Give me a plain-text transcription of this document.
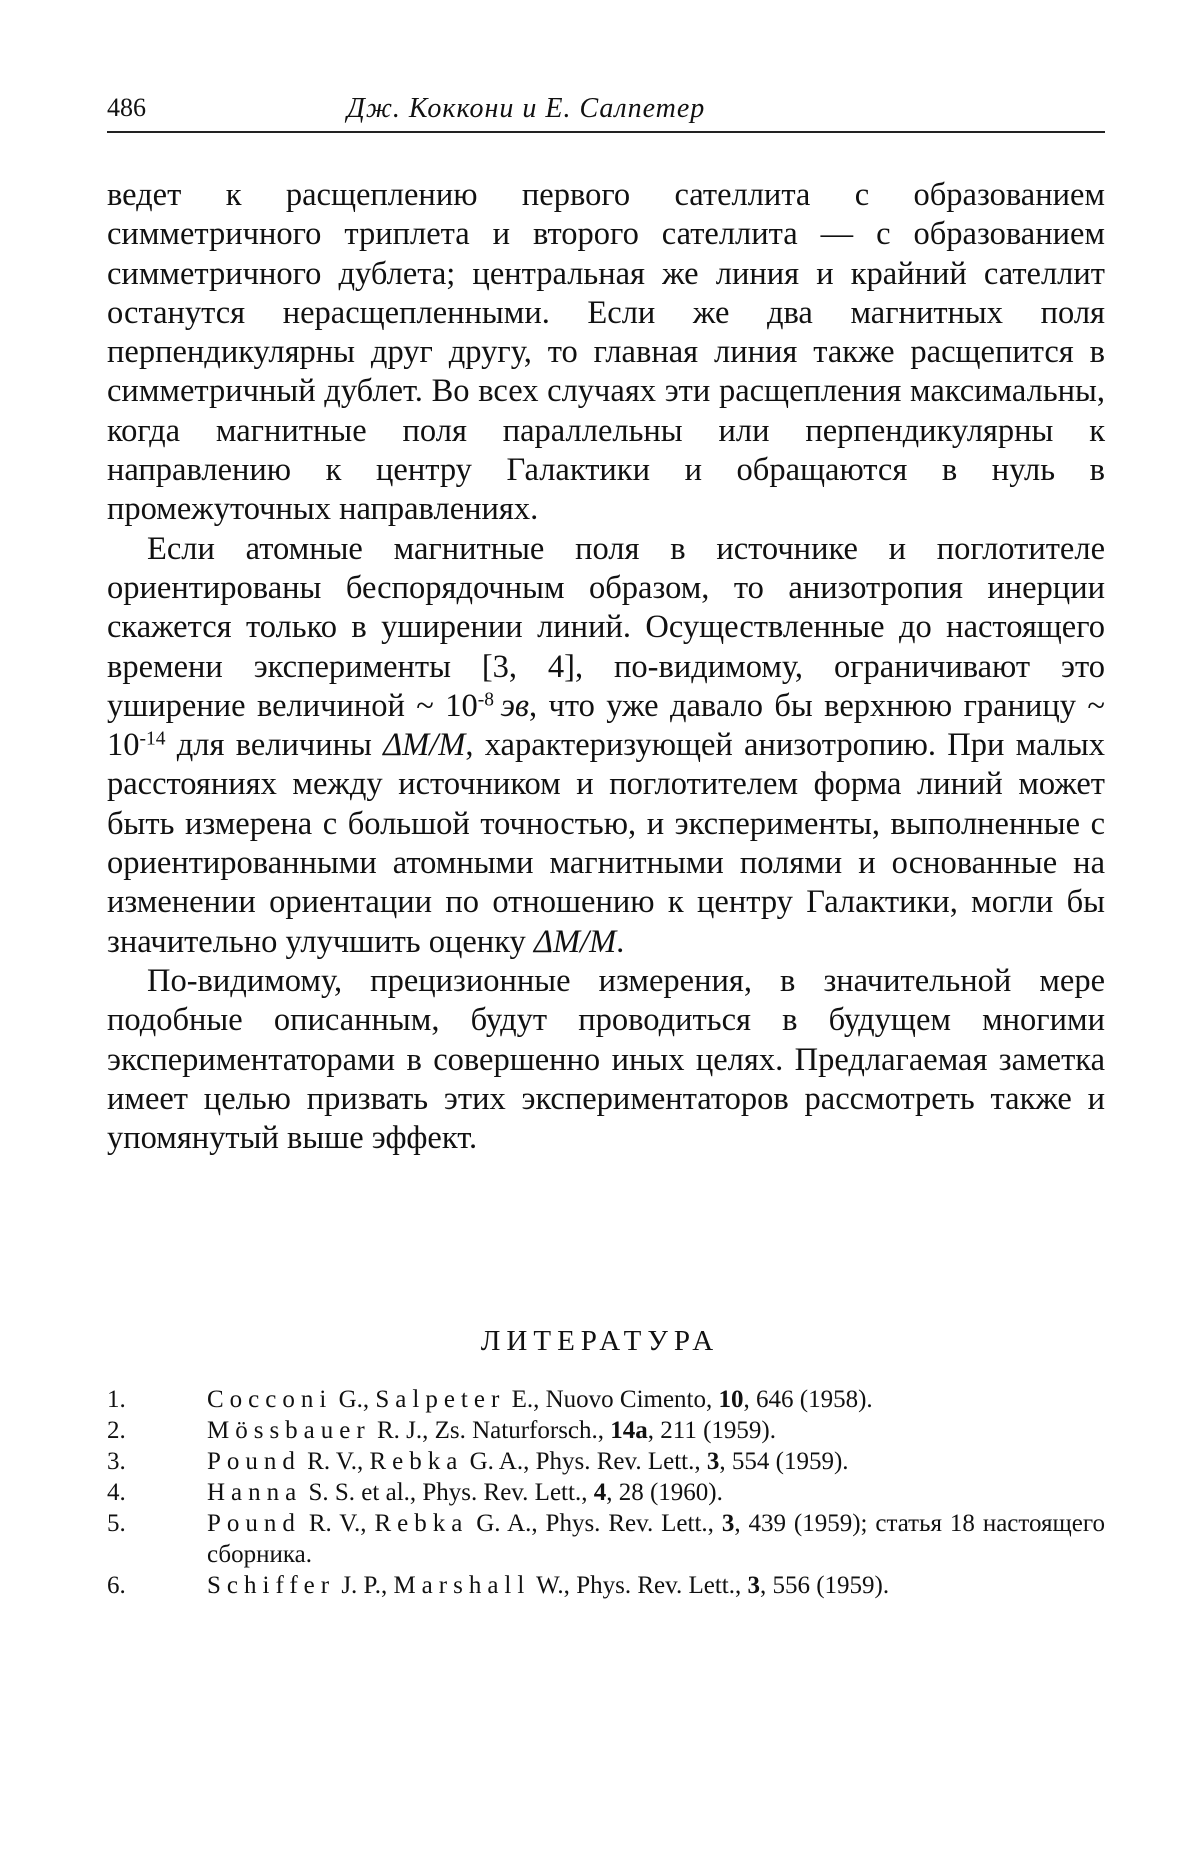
486	Дж. Коккони и Е. Салпетер

ведет к расщеплению первого сателлита с образованием симметричного триплета и второго сателлита — с образованием симметричного дублета; центральная же линия и крайний сателлит останутся нерасщепленными. Если же два магнитных поля перпендикулярны друг другу, то главная линия также расщепится в симметричный дублет. Во всех случаях эти расщепления максимальны, когда магнитные поля параллельны или перпендикулярны к направлению к центру Галактики и обращаются в нуль в промежуточных направлениях.

Если атомные магнитные поля в источнике и поглотителе ориентированы беспорядочным образом, то анизотропия инерции скажется только в уширении линий. Осуществленные до настоящего времени эксперименты [3, 4], по-видимому, ограничивают это уширение величиной ~ $10^{-8}$  эв, что уже давало бы верхнюю границу ~ $10^{-14}$ для величины ΔM/M, характеризующей анизотропию. При малых расстояниях между источником и поглотителем форма линий может быть измерена с большой точностью, и эксперименты, выполненные с ориентированными атомными магнитными полями и основанные на изменении ориентации по отношению к центру Галактики, могли бы значительно улучшить оценку ΔM/M.

По-видимому, прецизионные измерения, в значительной мере подобные описанным, будут проводиться в будущем многими экспериментаторами в совершенно иных целях. Предлагаемая заметка имеет целью призвать этих экспериментаторов рассмотреть также и упомянутый выше эффект.

ЛИТЕРАТУРА
1.	Cocconi G., Salpeter E., Nuovo Cimento, 10, 646 (1958).
2.	Mössbauer R. J., Zs. Naturforsch., 14a, 211 (1959).
3.	Pound R. V., Rebka G. A., Phys. Rev. Lett., 3, 554 (1959).
4.	Hanna S. S. et al., Phys. Rev. Lett., 4, 28 (1960).
5.	Pound R. V., Rebka G. A., Phys. Rev. Lett., 3, 439 (1959); статья 18 настоящего сборника.
6.	Schiffer J. P., Marshall W., Phys. Rev. Lett., 3, 556 (1959).
